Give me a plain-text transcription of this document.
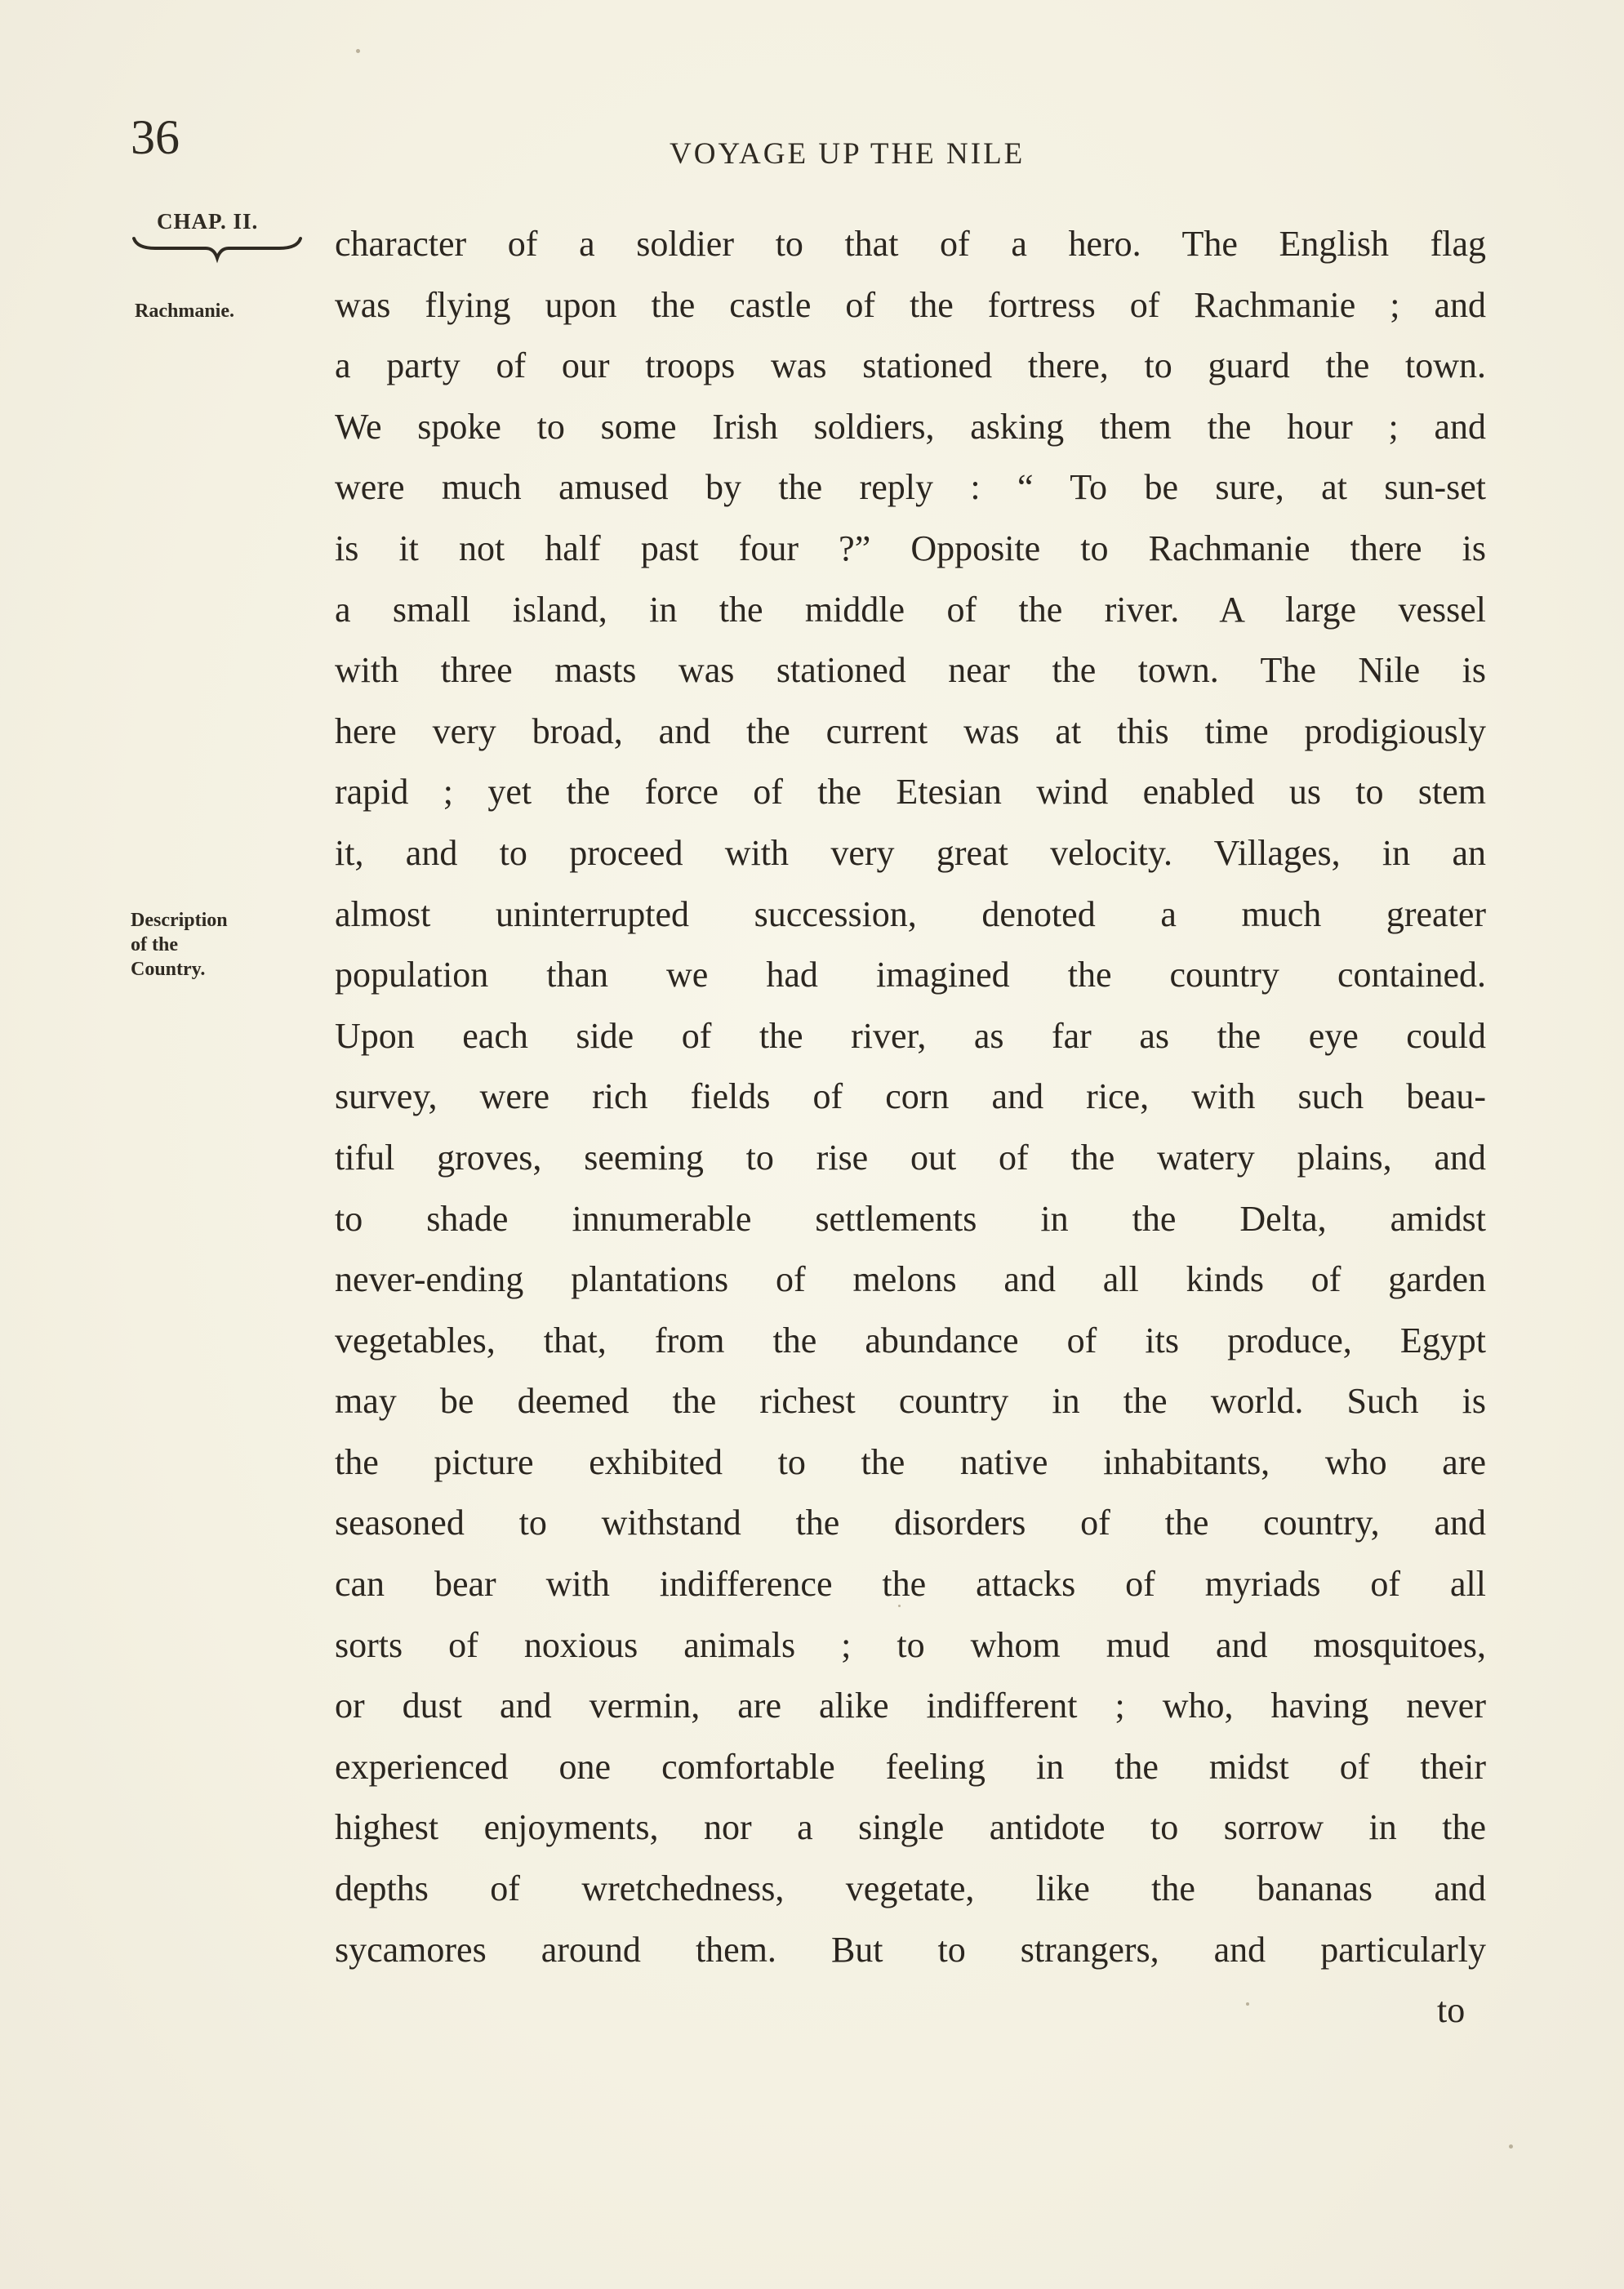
36	VOYAGE UP THE NILE
CHAP. II.
Rachmanie.
Description
of the
Country.
character of a soldier to that of a hero. The English flag
was flying upon the castle of the fortress of Rachmanie ; and
a party of our troops was stationed there, to guard the town.
We spoke to some Irish soldiers, asking them the hour ; and
were much amused by the reply : “ To be sure, at sun-set
is it not half past four ?” Opposite to Rachmanie there is
a small island, in the middle of the river. A large vessel
with three masts was stationed near the town. The Nile is
here very broad, and the current was at this time prodigiously
rapid ; yet the force of the Etesian wind enabled us to stem
it, and to proceed with very great velocity. Villages, in an
almost uninterrupted succession, denoted a much greater
population than we had imagined the country contained.
Upon each side of the river, as far as the eye could
survey, were rich fields of corn and rice, with such beau-
tiful groves, seeming to rise out of the watery plains, and
to shade innumerable settlements in the Delta, amidst
never-ending plantations of melons and all kinds of garden
vegetables, that, from the abundance of its produce, Egypt
may be deemed the richest country in the world. Such is
the picture exhibited to the native inhabitants, who are
seasoned to withstand the disorders of the country, and
can bear with indifference the attacks of myriads of all
sorts of noxious animals ; to whom mud and mosquitoes,
or dust and vermin, are alike indifferent ; who, having never
experienced one comfortable feeling in the midst of their
highest enjoyments, nor a single antidote to sorrow in the
depths of wretchedness, vegetate, like the bananas and
sycamores around them. But to strangers, and particularly
to
